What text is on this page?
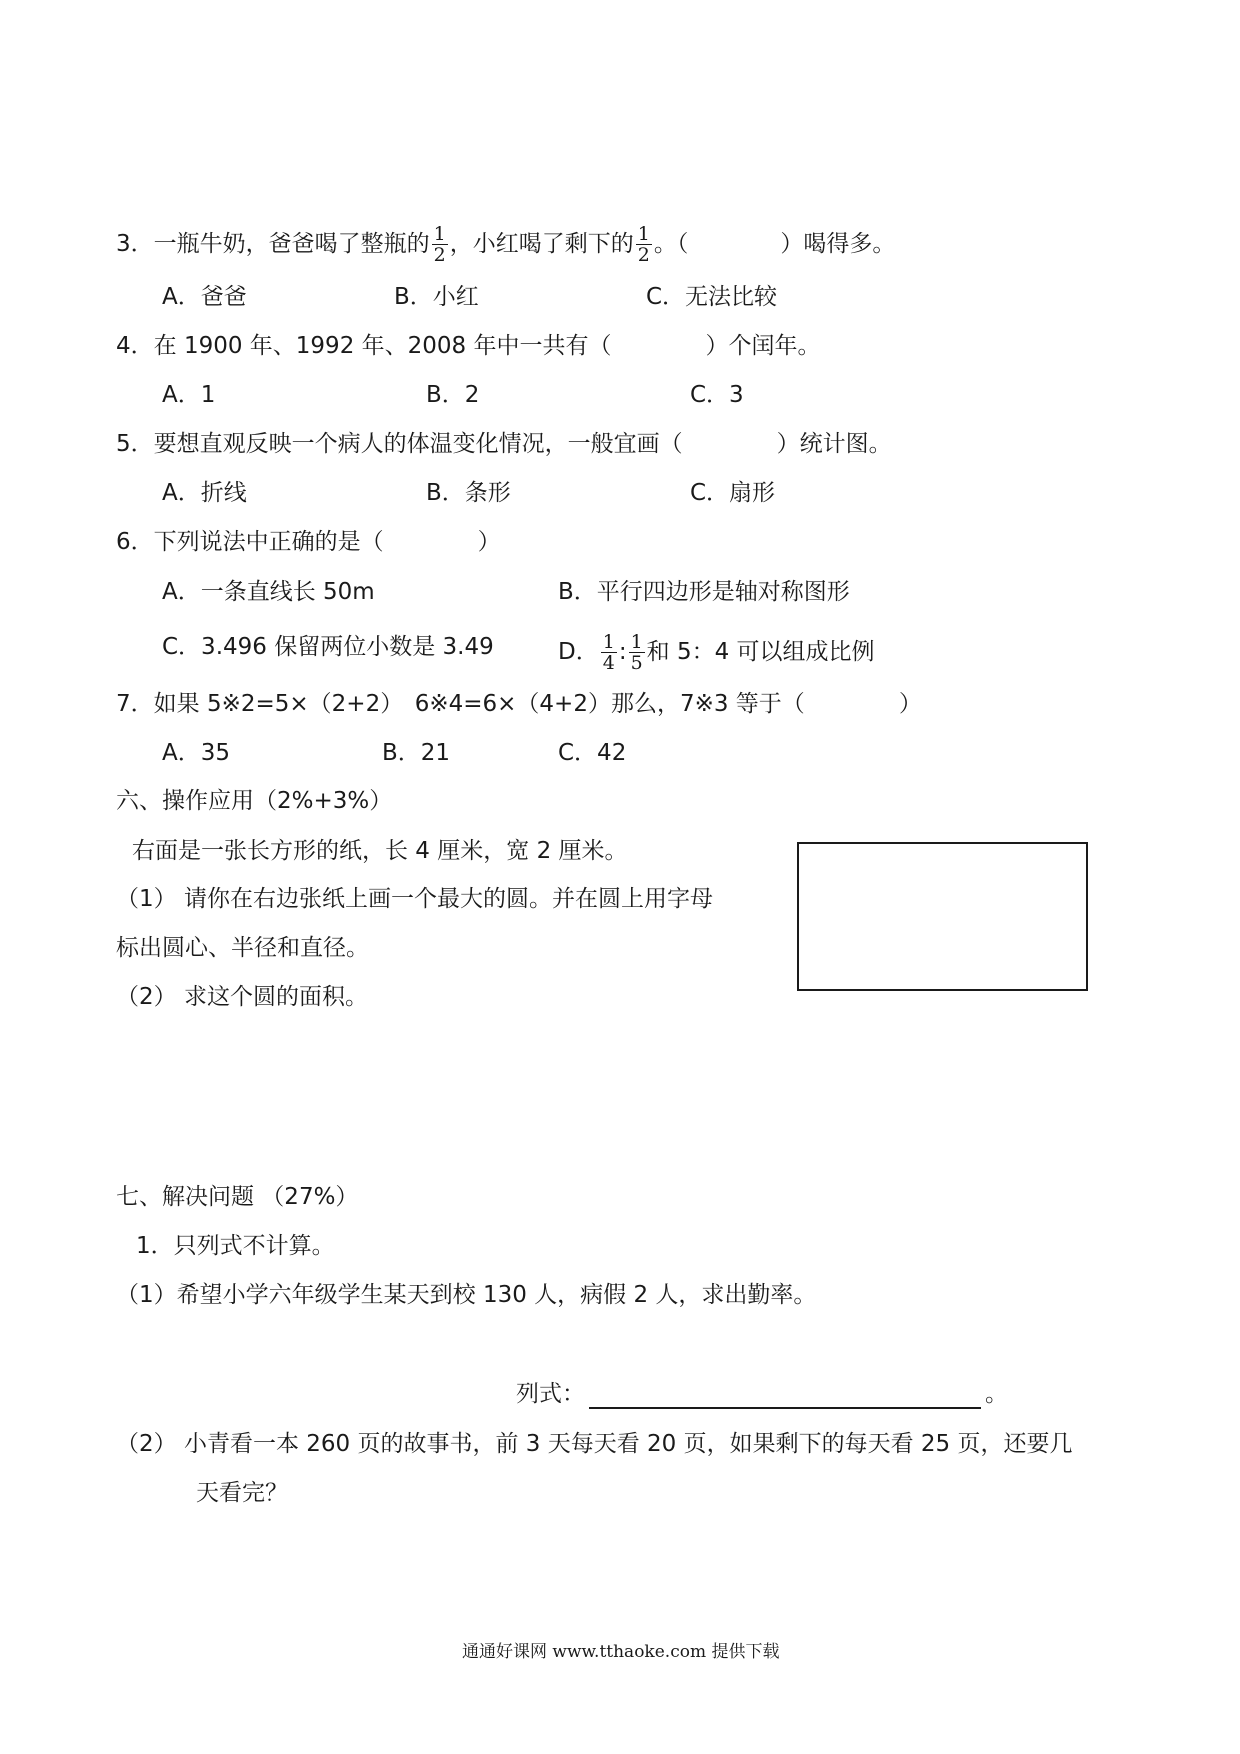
3．一瓶牛奶，爸爸喝了整瓶的 $\frac{1}{2}$ ，小红喝了剩下的 $\frac{1}{2}$ 。（	）喝得多。
A．爸爸	B．小红	C．无法比较
4．在 1900 年、1992 年、2008 年中一共有（	）个闰年。
A．1	B．2	C．3
5．要想直观反映一个病人的体温变化情况，一般宜画（	）统计图。
A．折线	B．条形	C．扇形
6．下列说法中正确的是（	）
A．一条直线长 50m	B．平行四边形是轴对称图形
C．3.496 保留两位小数是 3.49	D． $\frac{1}{4}$ : $\frac{1}{5}$ 和 5：4 可以组成比例
7．如果 5※2=5×（2+2）　6※4=6×（4+2）那么，7※3 等于（	）
A．35	B．21	C．42
六、操作应用（2%+3%）
右面是一张长方形的纸，长 4 厘米，宽 2 厘米。
（1） 请你在右边张纸上画一个最大的圆。并在圆上用字母
标出圆心、半径和直径。
（2） 求这个圆的面积。
七、解决问题 （27%）
1．只列式不计算。
（1）希望小学六年级学生某天到校 130 人，病假 2 人，求出勤率。
列式：	。
（2） 小青看一本 260 页的故事书，前 3 天每天看 20 页，如果剩下的每天看 25 页，还要几
天看完？
通通好课网 www.tthaoke.com 提供下载
